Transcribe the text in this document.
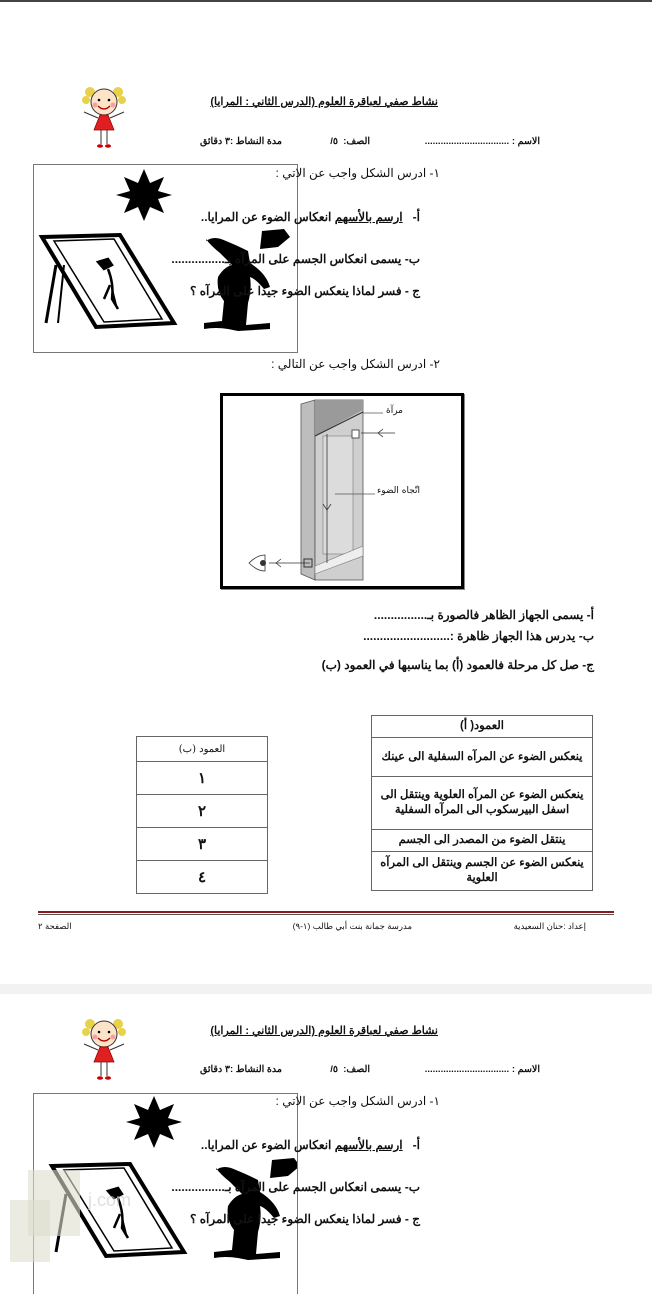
نشاط صفي لعباقرة العلوم (الدرس الثاني : المرايا)
الاسم : ................................
الصف:  ٥/
مدة النشاط :٣ دقائق
١- ادرس الشكل واجب عن الاتي :
أ-   ارسم بالأسهم انعكاس الضوء عن المرايا..
ب- يسمى انعكاس الجسم على المرآه بـ................
ج - فسر لماذا ينعكس الضوء جيدا على المرآه ؟
٢- ادرس الشكل واجب عن التالي :
مرآة
اتّجاه الضوء
أ- يسمى الجهاز الظاهر فالصورة بـ................
ب- يدرس هذا الجهاز ظاهرة :..........................
ج- صل كل مرحلة فالعمود (أ) بما يناسبها في العمود (ب)
العمود( أ)
ينعكس الضوء عن المرآه السفلية الى عينك
ينعكس الضوء عن المرآه العلوية وينتقل الى اسفل البيرسكوب الى المرآه السفلية
ينتقل الضوء من المصدر الى الجسم
ينعكس الضوء عن الجسم وينتقل الى المرآه العلوية
العمود (ب)
١
٢
٣
٤
إعداد :حنان السعيدية
مدرسة جمانة بنت أبي طالب (١-٩)
الصفحة ٢
نشاط صفي لعباقرة العلوم (الدرس الثاني : المرايا)
الاسم : ................................
الصف:  ٥/
مدة النشاط :٣ دقائق
١- ادرس الشكل واجب عن الاتي :
أ-   ارسم بالأسهم انعكاس الضوء عن المرايا..
ب- يسمى انعكاس الجسم على المرآه بـ................
ج - فسر لماذا ينعكس الضوء جيدا على المرآه ؟
j.com
